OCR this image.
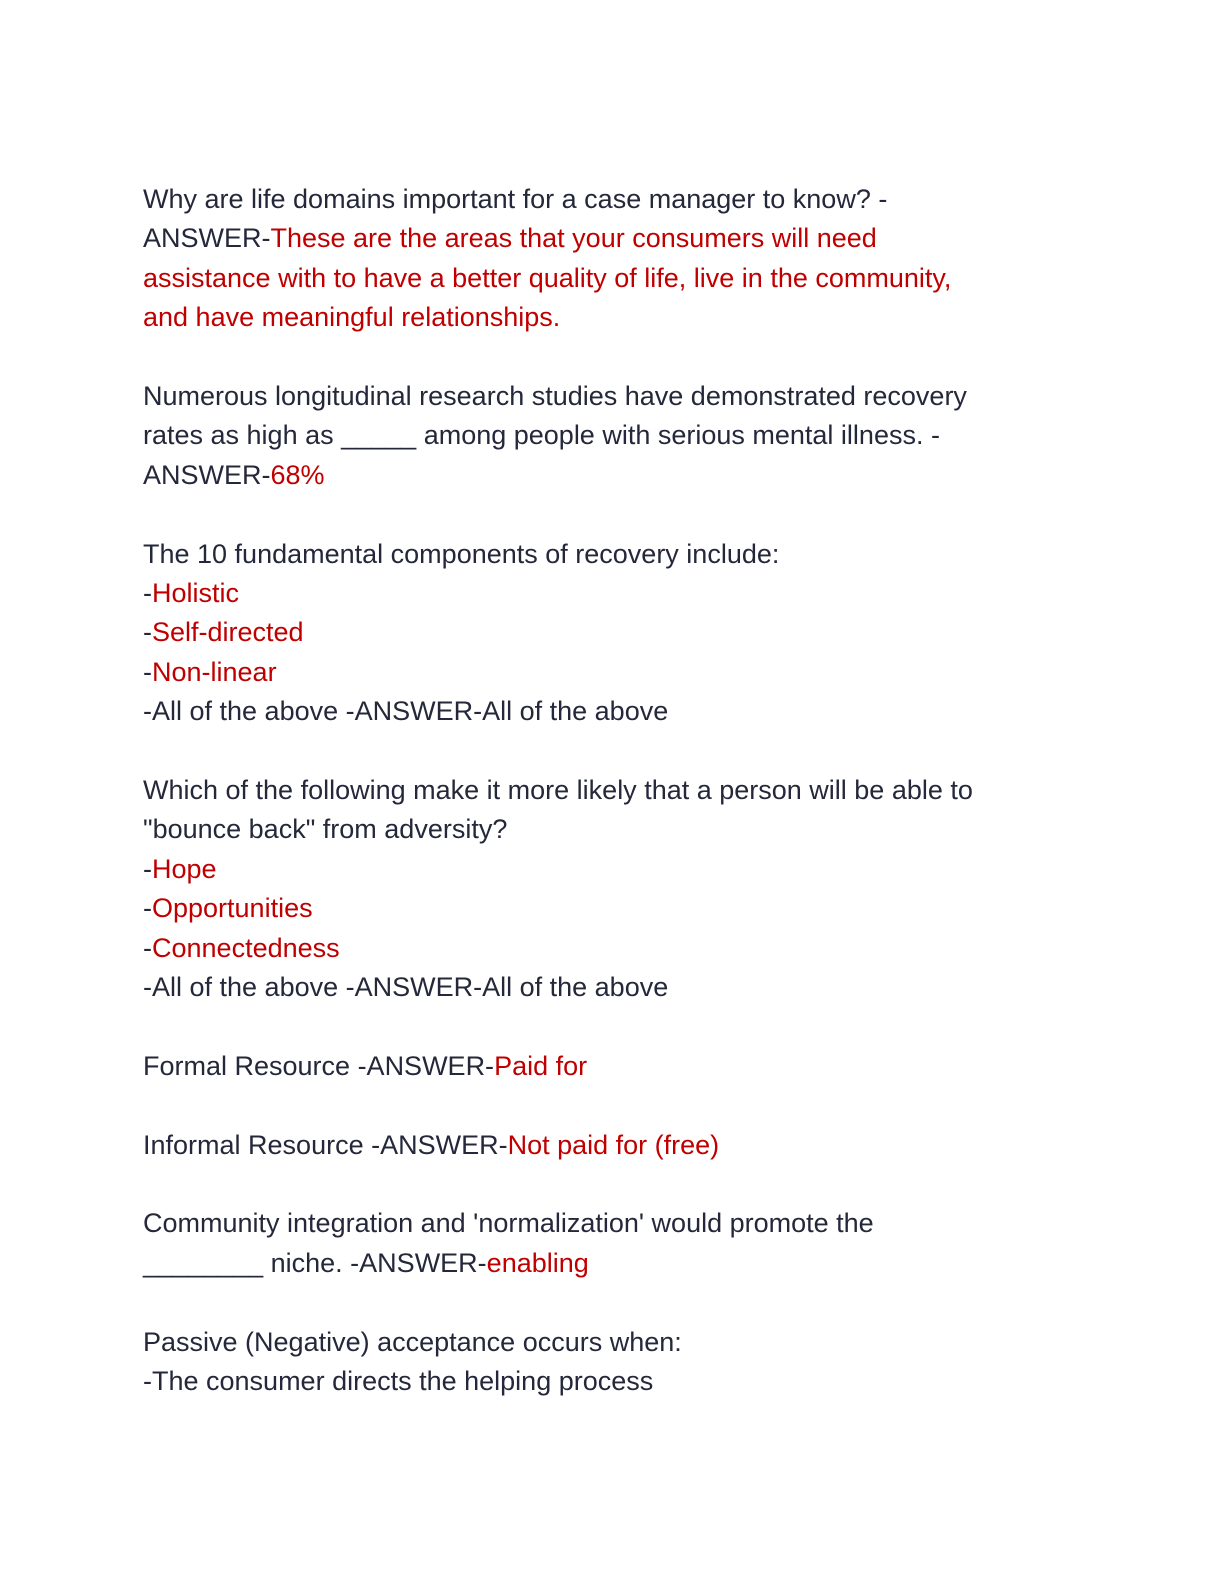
Why are life domains important for a case manager to know? -
ANSWER-These are the areas that your consumers will need
assistance with to have a better quality of life, live in the community,
and have meaningful relationships.
Numerous longitudinal research studies have demonstrated recovery
rates as high as _____ among people with serious mental illness. -
ANSWER-68%
The 10 fundamental components of recovery include:
-Holistic
-Self-directed
-Non-linear
-All of the above -ANSWER-All of the above
Which of the following make it more likely that a person will be able to
"bounce back" from adversity?
-Hope
-Opportunities
-Connectedness
-All of the above -ANSWER-All of the above
Formal Resource -ANSWER-Paid for
Informal Resource -ANSWER-Not paid for (free)
Community integration and 'normalization' would promote the
________ niche. -ANSWER-enabling
Passive (Negative) acceptance occurs when:
-The consumer directs the helping process
